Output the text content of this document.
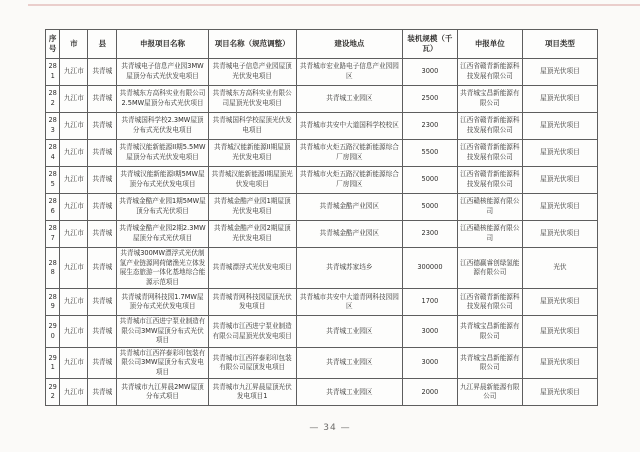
序号	市	县	申报项目名称	项目名称（规范调整）	建设地点	装机规模（千瓦）	申报单位	项目类型
281	九江市	共青城	共青城电子信息产业园3MW屋顶分布式光伏发电项目	共青城电子信息产业园屋顶光伏发电项目	共青城市宏业路电子信息产业园园区	3000	江西省赣青新能源科技发展有限公司	屋顶光伏项目
282	九江市	共青城	共青城东方高科实业有限公司2.5MW屋顶分布式光伏项目	共青城东方高科实业有限公司屋顶光伏发电项目	共青城工业园区	2500	共青城宝昌新能源有限公司	屋顶光伏项目
283	九江市	共青城	共青城国科学校2.3MW屋顶分布式光伏发电项目	共青城国科学校屋顶光伏发电项目	共青城市共安中大道国科学校校区	2300	江西省赣青新能源科技发展有限公司	屋顶光伏项目
284	九江市	共青城	共青城汉能新能源II期5.5MW屋顶分布式光伏发电项目	共青城汉能新能源II期屋顶光伏发电项目	共青城市火炬五路汉能新能源综合厂房园区	5500	江西省赣青新能源科技发展有限公司	屋顶光伏项目
285	九江市	共青城	共青城汉能新能源I期5MW屋顶分布式光伏发电项目	共青城汉能新能源I期屋顶光伏发电项目	共青城市火炬五路汉能新能源综合厂房园区	5000	江西省赣青新能源科技发展有限公司	屋顶光伏项目
286	九江市	共青城	共青城金酷产业园1期5MW屋顶分布式光伏项目	共青城金酷产业园1期屋顶光伏发电项目	共青城金酷产业园区	5000	江西赣核能源有限公司	屋顶光伏项目
287	九江市	共青城	共青城金酷产业园2期2.3MW屋顶分布式光伏项目	共青城金酷产业园2期屋顶光伏发电项目	共青城金酷产业园区	2300	江西赣核能源有限公司	屋顶光伏项目
288	九江市	共青城	共青城300MW漂浮式光伏制氢产业链源网荷储渔光立体发展生态旅游一体化基地综合能源示范项目	共青城漂浮式光伏发电项目	共青城苏家垱乡	300000	江西德赢睿创绿氢能源有限公司	光伏
289	九江市	共青城	共青城青网科技园1.7MW屋顶分布式光伏发电项目	共青城青网科技园屋顶光伏发电项目	共青城市共安中大道青网科技园园区	1700	江西省赣青新能源科技发展有限公司	屋顶光伏项目
290	九江市	共青城	共青城市江西进宁泵业制造有限公司3MW屋顶分布式光伏项目	共青城市江西进宁泵业制造有限公司屋顶光伏发电项目	共青城工业园区	3000	共青城宝昌新能源有限公司	屋顶光伏项目
291	九江市	共青城	共青城市江西祥泰彩印包装有限公司3MW屋顶分布式发电项目	共青城市江西祥泰彩印包装有限公司屋顶发电项目	共青城工业园区	3000	共青城宝昌新能源有限公司	屋顶光伏项目
292	九江市	共青城	共青城市九江昇晨2MW屋顶分布式项目	共青城市九江昇晨屋顶光伏发电项目1	共青城工业园区	2000	九江昇晨新能源有限公司	屋顶光伏项目
— 34 —
